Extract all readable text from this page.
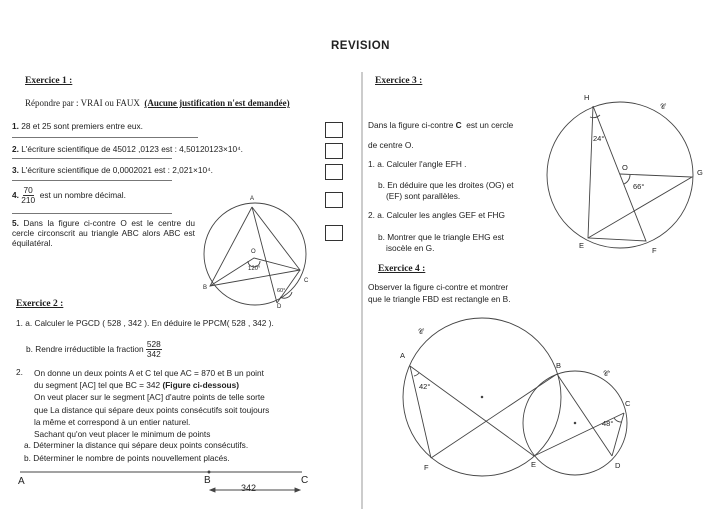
REVISION
Exercice 1 :
Répondre par : VRAI ou FAUX (Aucune justification n'est demandée)
1. 28 et 25 sont premiers entre eux.
2. L'écriture scientifique de 45012 ,0123 est : 4,50120123×10⁴.
3. L'écriture scientifique de 0,0002021 est : 2,021×10⁴.
4. $\frac{70}{210}$ est un nombre décimal.
5. Dans la figure ci-contre O est le centre du cercle circonscrit au triangle ABC alors ABC est équilatéral.
Exercice 2 :
1. a. Calculer le PGCD ( 528 , 342 ). En déduire le PPCM( 528 , 342 ).
b. Rendre irréductible la fraction $\frac{528}{342}$
2. On donne un deux points A et C tel que AC = 870 et B un point
du segment [AC] tel que BC = 342 (Figure ci-dessous)
On veut placer sur le segment [AC] d'autre points de telle sorte
que La distance qui sépare deux points consécutifs soit toujours
la même et correspond à un entier naturel.
Sachant qu'on veut placer le minimum de points
a. Déterminer la distance qui sépare deux points consécutifs.
b. Déterminer le nombre de points nouvellement placés.
A	B	C
342
Exercice 3 :
Dans la figure ci-contre C est un cercle
de centre O.
1. a. Calculer l'angle EFH .
b. En déduire que les droites (OG) et
(EF) sont parallèles.
2. a. Calculer les angles GEF et FHG
b. Montrer que le triangle EHG est
isocèle en G.
Exercice 4 :
Observer la figure ci-contre et montrer
que le triangle FBD est rectangle en B.
A
B
C
D
O
120°
60°
H
G
O
E
F
𝒞
24°
66°
A
B
C
D
E
F
𝒞
𝒞'
42°
48°
